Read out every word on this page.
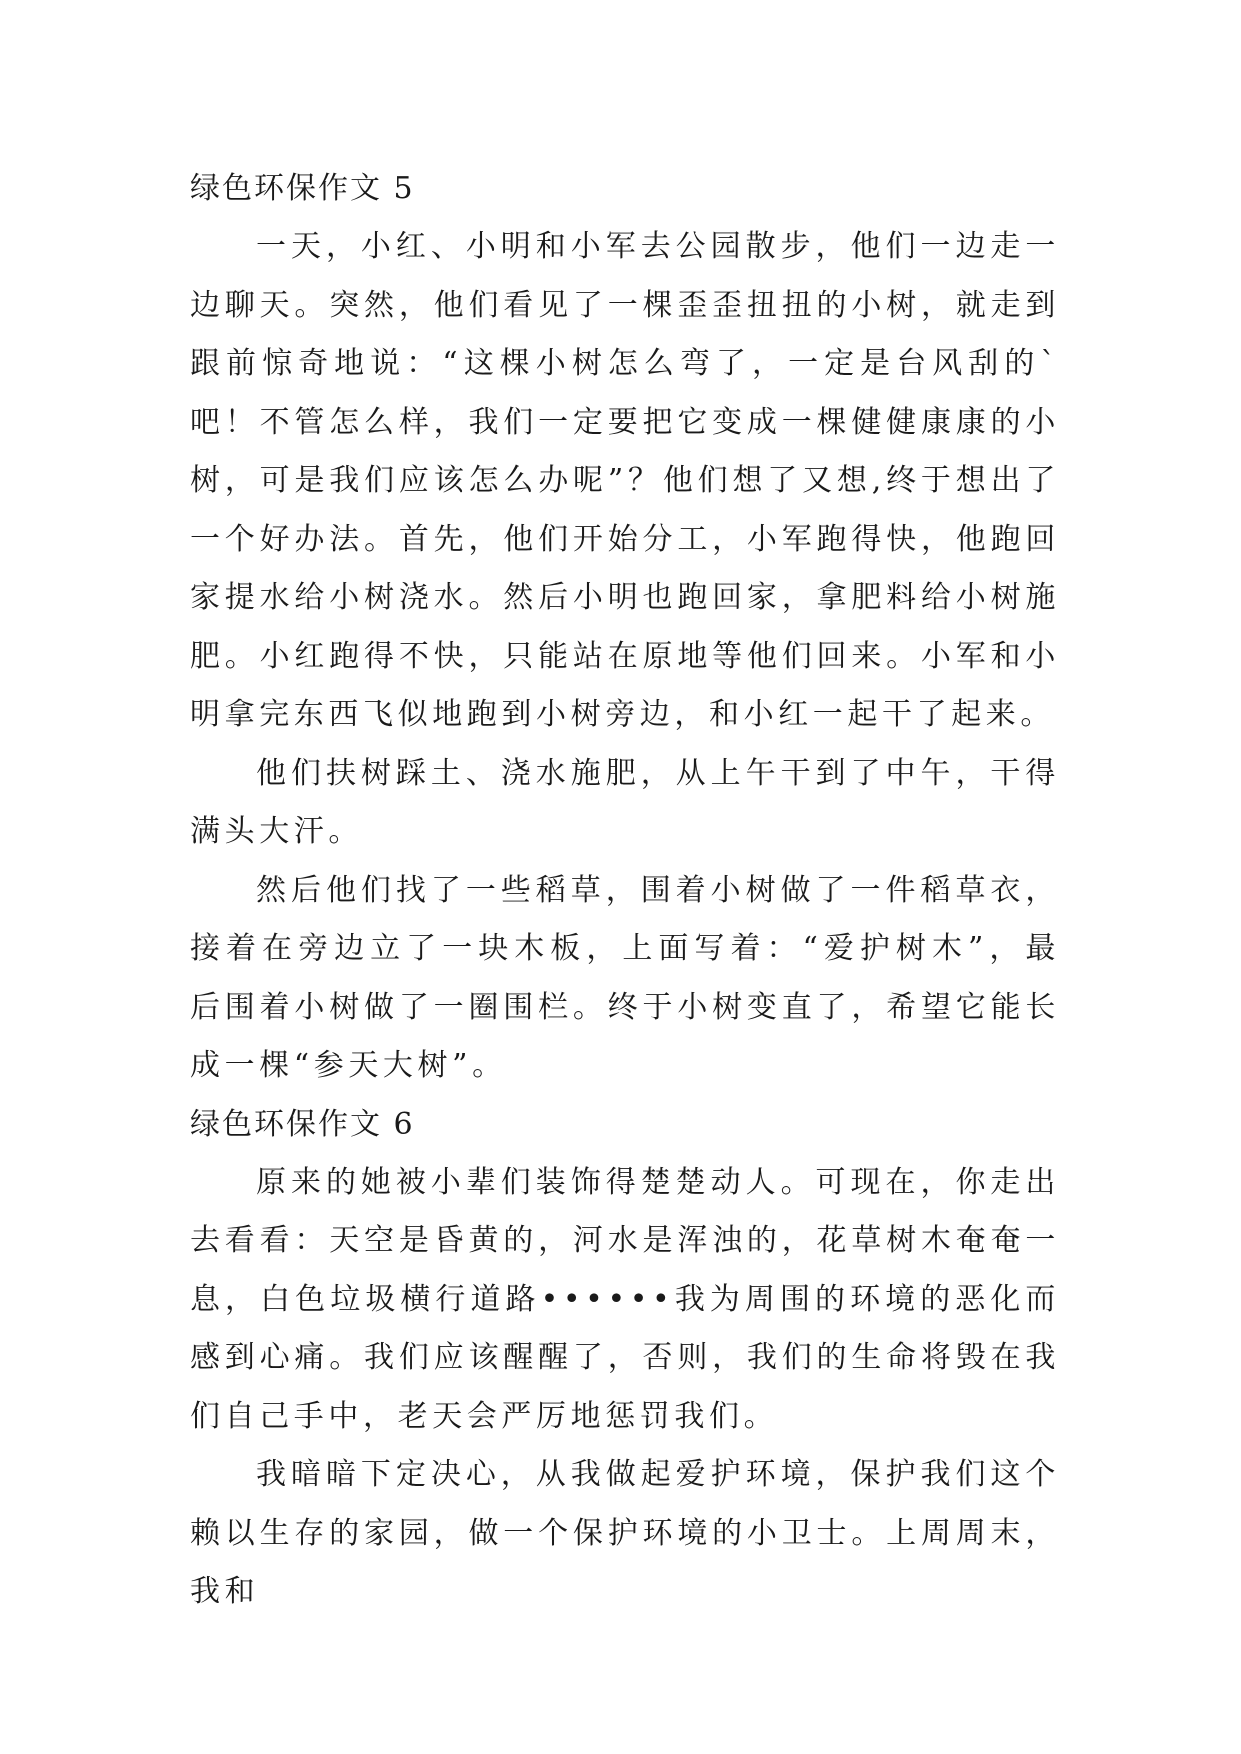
绿色环保作文 5

一天，小红、小明和小军去公园散步，他们一边走一边聊天。突然，他们看见了一棵歪歪扭扭的小树，就走到跟前惊奇地说：“这棵小树怎么弯了，一定是台风刮的`吧！不管怎么样，我们一定要把它变成一棵健健康康的小树，可是我们应该怎么办呢”？他们想了又想,终于想出了一个好办法。首先，他们开始分工，小军跑得快，他跑回家提水给小树浇水。然后小明也跑回家，拿肥料给小树施肥。小红跑得不快，只能站在原地等他们回来。小军和小明拿完东西飞似地跑到小树旁边，和小红一起干了起来。

他们扶树踩土、浇水施肥，从上午干到了中午，干得满头大汗。

然后他们找了一些稻草，围着小树做了一件稻草衣，接着在旁边立了一块木板，上面写着：“爱护树木”，最后围着小树做了一圈围栏。终于小树变直了，希望它能长成一棵“参天大树”。

绿色环保作文 6

原来的她被小辈们装饰得楚楚动人。可现在，你走出去看看：天空是昏黄的，河水是浑浊的，花草树木奄奄一息，白色垃圾横行道路••••••我为周围的环境的恶化而感到心痛。我们应该醒醒了，否则，我们的生命将毁在我们自己手中，老天会严厉地惩罚我们。

我暗暗下定决心，从我做起爱护环境，保护我们这个赖以生存的家园，做一个保护环境的小卫士。上周周末，我和
